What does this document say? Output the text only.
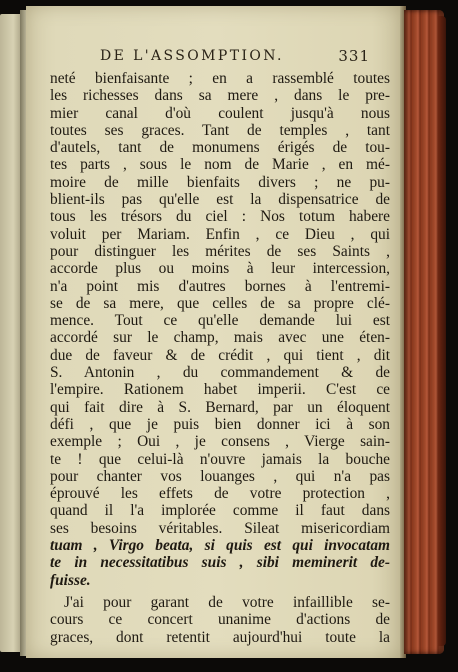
DE L'ASSOMPTION.	331
neté bienfaisante ; en a rassemblé toutes
les richesses dans sa mere , dans le pre-
mier canal d'où coulent jusqu'à nous
toutes ses graces. Tant de temples , tant
d'autels, tant de monumens érigés de tou-
tes parts , sous le nom de Marie , en mé-
moire de mille bienfaits divers ; ne pu-
blient-ils pas qu'elle est la dispensatrice de
tous les trésors du ciel : Nos totum habere
voluit per Mariam. Enfin , ce Dieu , qui
pour distinguer les mérites de ses Saints ,
accorde plus ou moins à leur intercession,
n'a point mis d'autres bornes à l'entremi-
se de sa mere, que celles de sa propre clé-
mence. Tout ce qu'elle demande lui est
accordé sur le champ, mais avec une éten-
due de faveur & de crédit , qui tient , dit
S. Antonin , du commandement & de
l'empire. Rationem habet imperii. C'est ce
qui fait dire à S. Bernard, par un éloquent
défi , que je puis bien donner ici à son
exemple ; Oui , je consens , Vierge sain-
te ! que celui-là n'ouvre jamais la bouche
pour chanter vos louanges , qui n'a pas
éprouvé les effets de votre protection ,
quand il l'a implorée comme il faut dans
ses besoins véritables. Sileat misericordiam
tuam , Virgo beata, si quis est qui invocatam
te in necessitatibus suis , sibi meminerit de-
fuisse.
J'ai pour garant de votre infaillible se-
cours ce concert unanime d'actions de
graces, dont retentit aujourd'hui toute la
